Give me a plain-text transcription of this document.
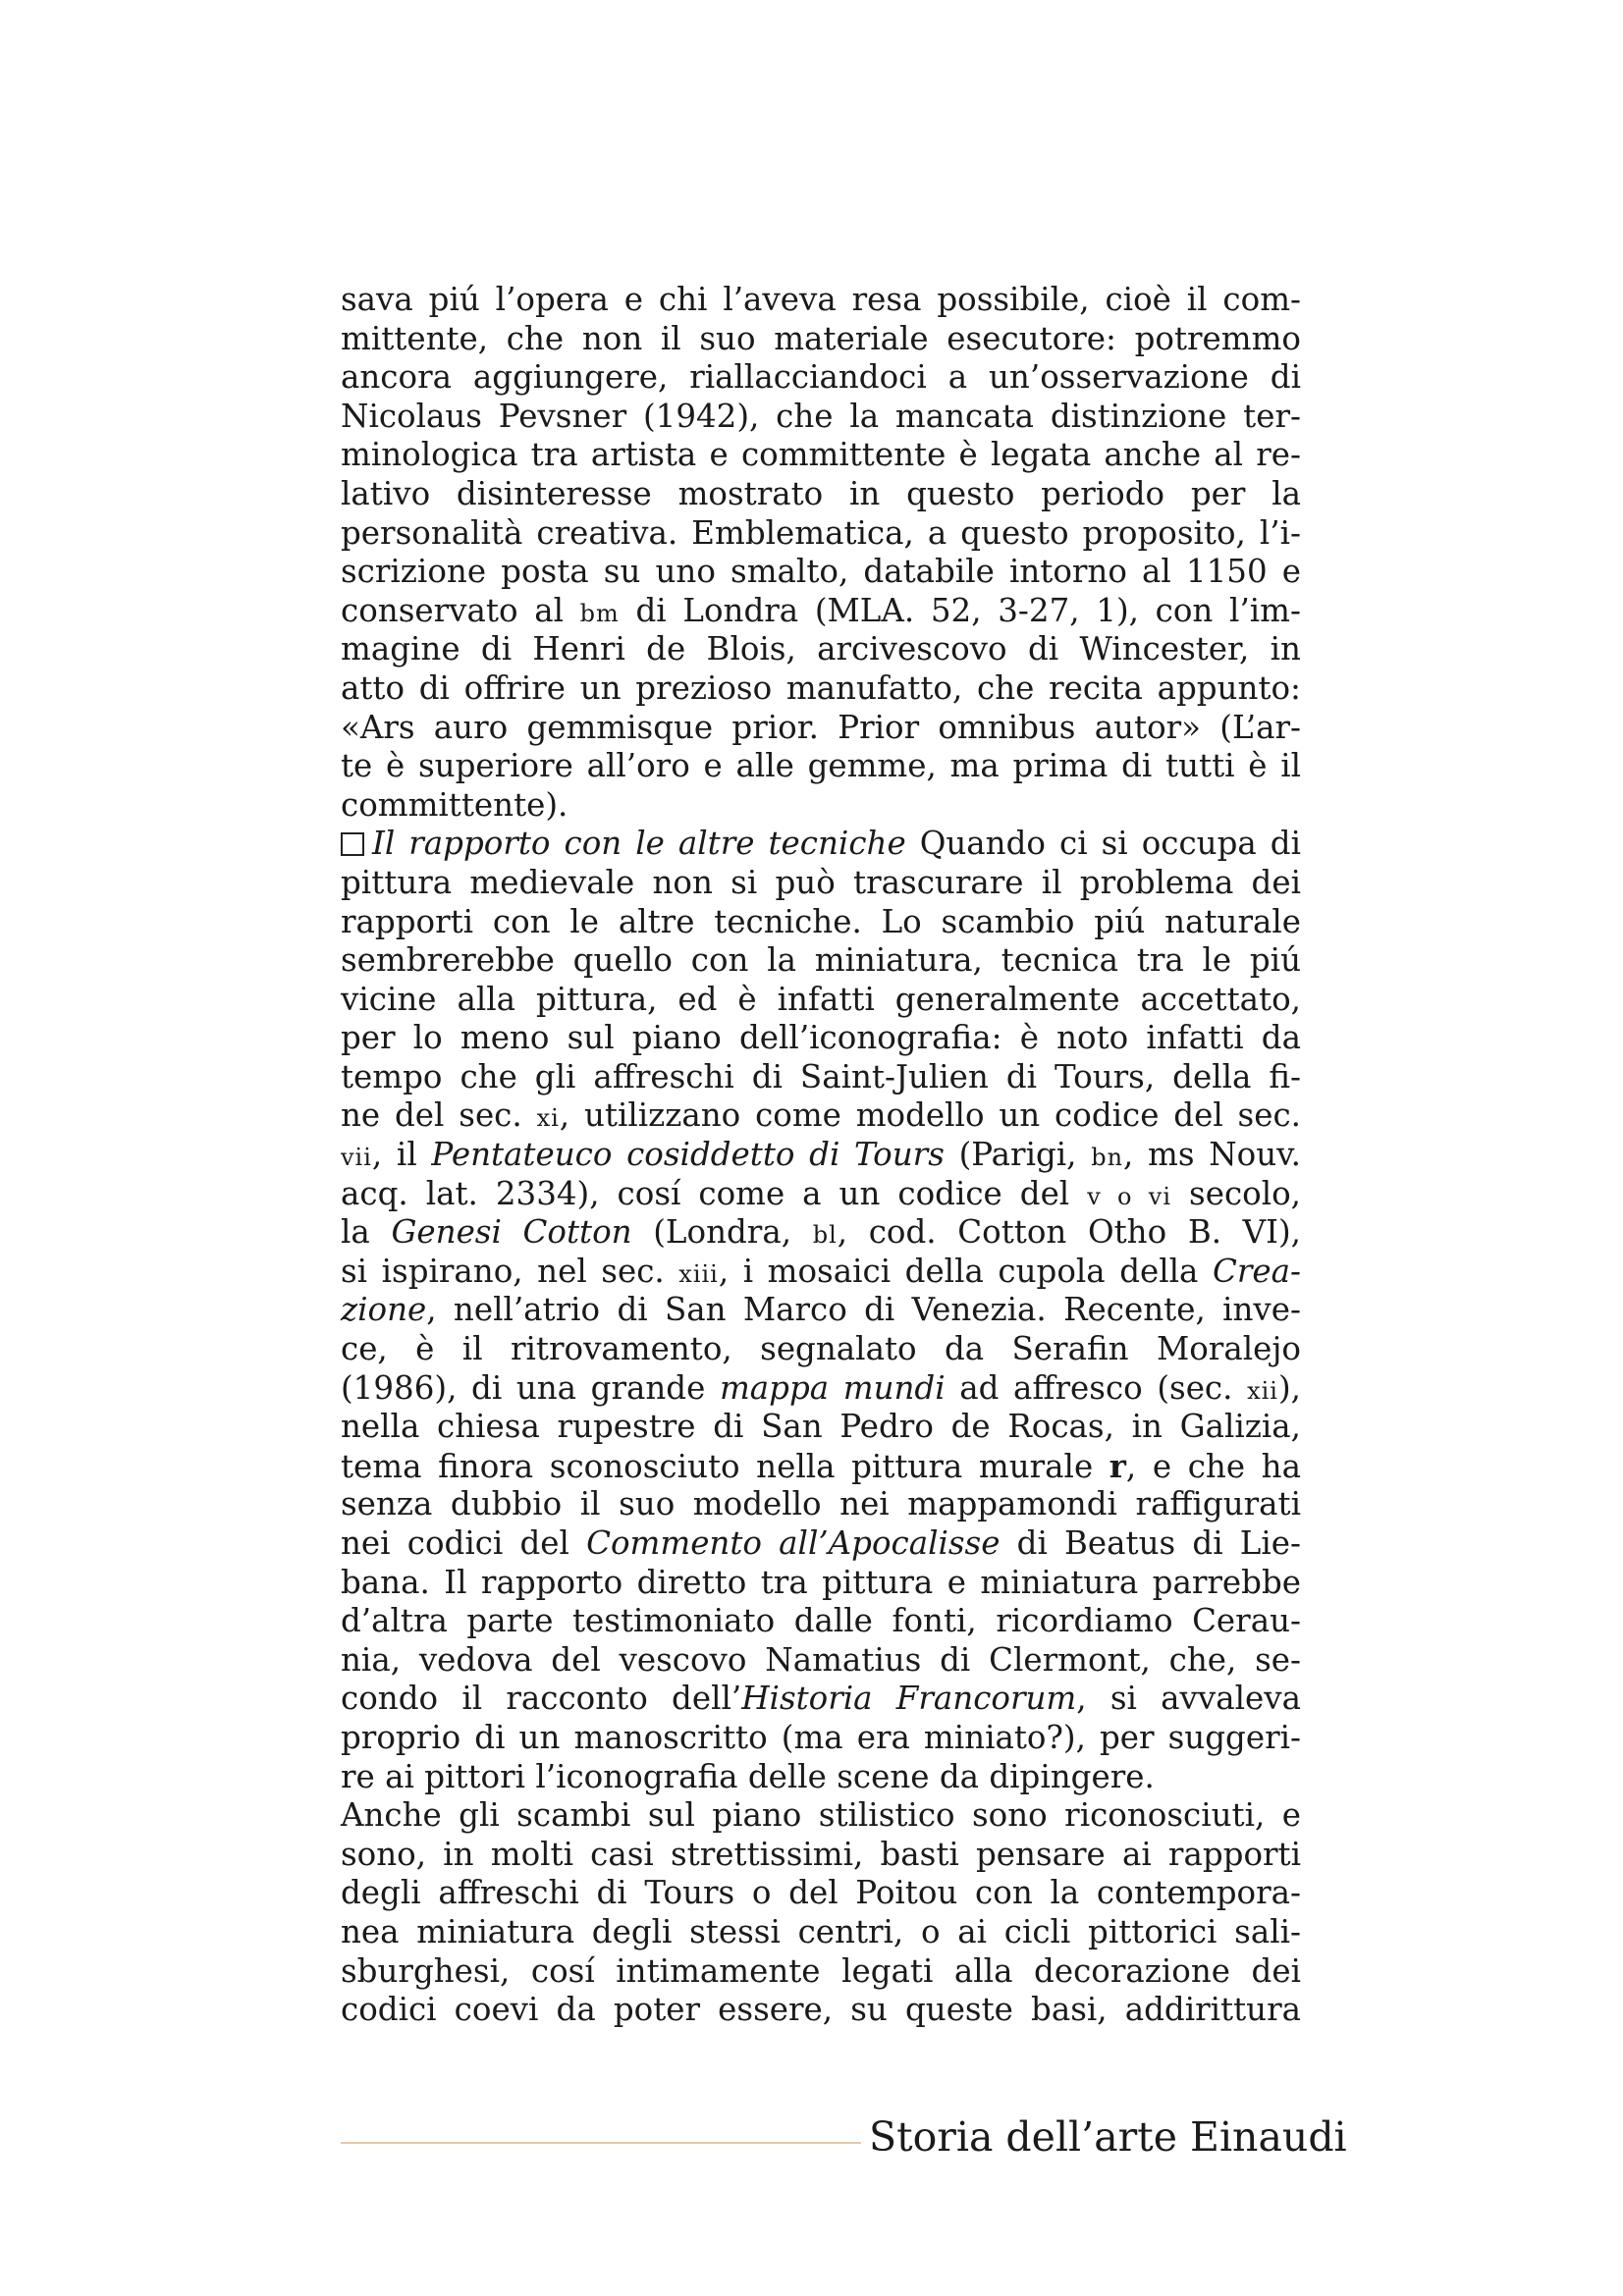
sava piú l’opera e chi l’aveva resa possibile, cioè il com-
mittente, che non il suo materiale esecutore: potremmo
ancora aggiungere, riallacciandoci a un’osservazione di
Nicolaus Pevsner (1942), che la mancata distinzione ter-
minologica tra artista e committente è legata anche al re-
lativo disinteresse mostrato in questo periodo per la
personalità creativa. Emblematica, a questo proposito, l’i-
scrizione posta su uno smalto, databile intorno al 1150 e
conservato al bm di Londra (MLA. 52, 3-27, 1), con l’im-
magine di Henri de Blois, arcivescovo di Wincester, in
atto di offrire un prezioso manufatto, che recita appunto:
«Ars auro gemmisque prior. Prior omnibus autor» (L’ar-
te è superiore all’oro e alle gemme, ma prima di tutti è il
committente).
Il rapporto con le altre tecniche Quando ci si occupa di
pittura medievale non si può trascurare il problema dei
rapporti con le altre tecniche. Lo scambio piú naturale
sembrerebbe quello con la miniatura, tecnica tra le piú
vicine alla pittura, ed è infatti generalmente accettato,
per lo meno sul piano dell’iconografia: è noto infatti da
tempo che gli affreschi di Saint-Julien di Tours, della fi-
ne del sec. xi, utilizzano come modello un codice del sec.
vii, il Pentateuco cosiddetto di Tours (Parigi, bn, ms Nouv.
acq. lat. 2334), cosí come a un codice del v o vi secolo,
la Genesi Cotton (Londra, bl, cod. Cotton Otho B. VI),
si ispirano, nel sec. xiii, i mosaici della cupola della Crea-
zione, nell’atrio di San Marco di Venezia. Recente, inve-
ce, è il ritrovamento, segnalato da Serafin Moralejo
(1986), di una grande mappa mundi ad affresco (sec. xii),
nella chiesa rupestre di San Pedro de Rocas, in Galizia,
tema finora sconosciuto nella pittura murale r, e che ha
senza dubbio il suo modello nei mappamondi raffigurati
nei codici del Commento all’Apocalisse di Beatus di Lie-
bana. Il rapporto diretto tra pittura e miniatura parrebbe
d’altra parte testimoniato dalle fonti, ricordiamo Cerau-
nia, vedova del vescovo Namatius di Clermont, che, se-
condo il racconto dell’Historia Francorum, si avvaleva
proprio di un manoscritto (ma era miniato?), per suggeri-
re ai pittori l’iconografia delle scene da dipingere.
Anche gli scambi sul piano stilistico sono riconosciuti, e
sono, in molti casi strettissimi, basti pensare ai rapporti
degli affreschi di Tours o del Poitou con la contempora-
nea miniatura degli stessi centri, o ai cicli pittorici sali-
sburghesi, cosí intimamente legati alla decorazione dei
codici coevi da poter essere, su queste basi, addirittura
Storia dell’arte Einaudi
